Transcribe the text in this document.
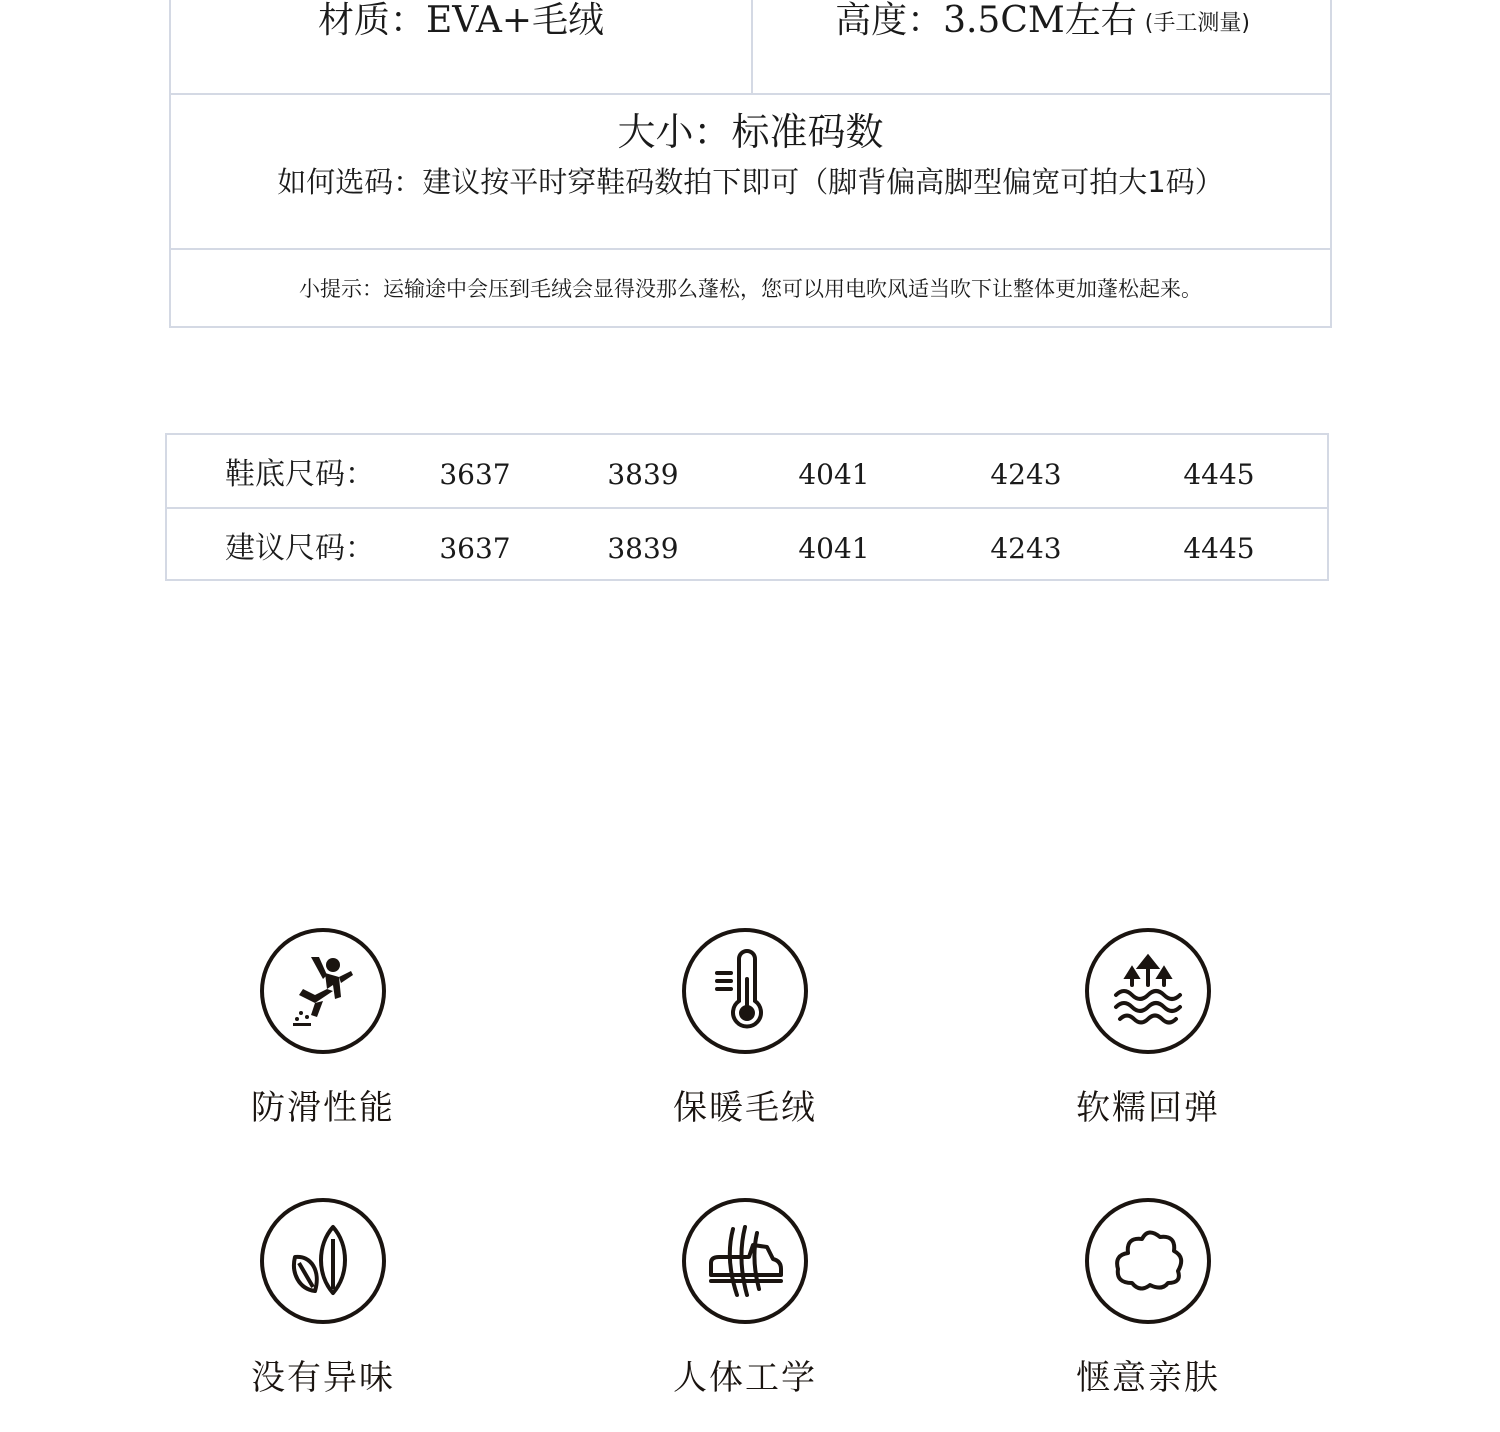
材质：EVA+毛绒	高度：3.5CM左右 (手工测量)
大小：标准码数
如何选码：建议按平时穿鞋码数拍下即可（脚背偏高脚型偏宽可拍大1码）
小提示：运输途中会压到毛绒会显得没那么蓬松，您可以用电吹风适当吹下让整体更加蓬松起来。
鞋底尺码：	3637	3839	4041	4243	4445
建议尺码：	3637	3839	4041	4243	4445
防滑性能	保暖毛绒	软糯回弹
没有异味	人体工学	惬意亲肤
